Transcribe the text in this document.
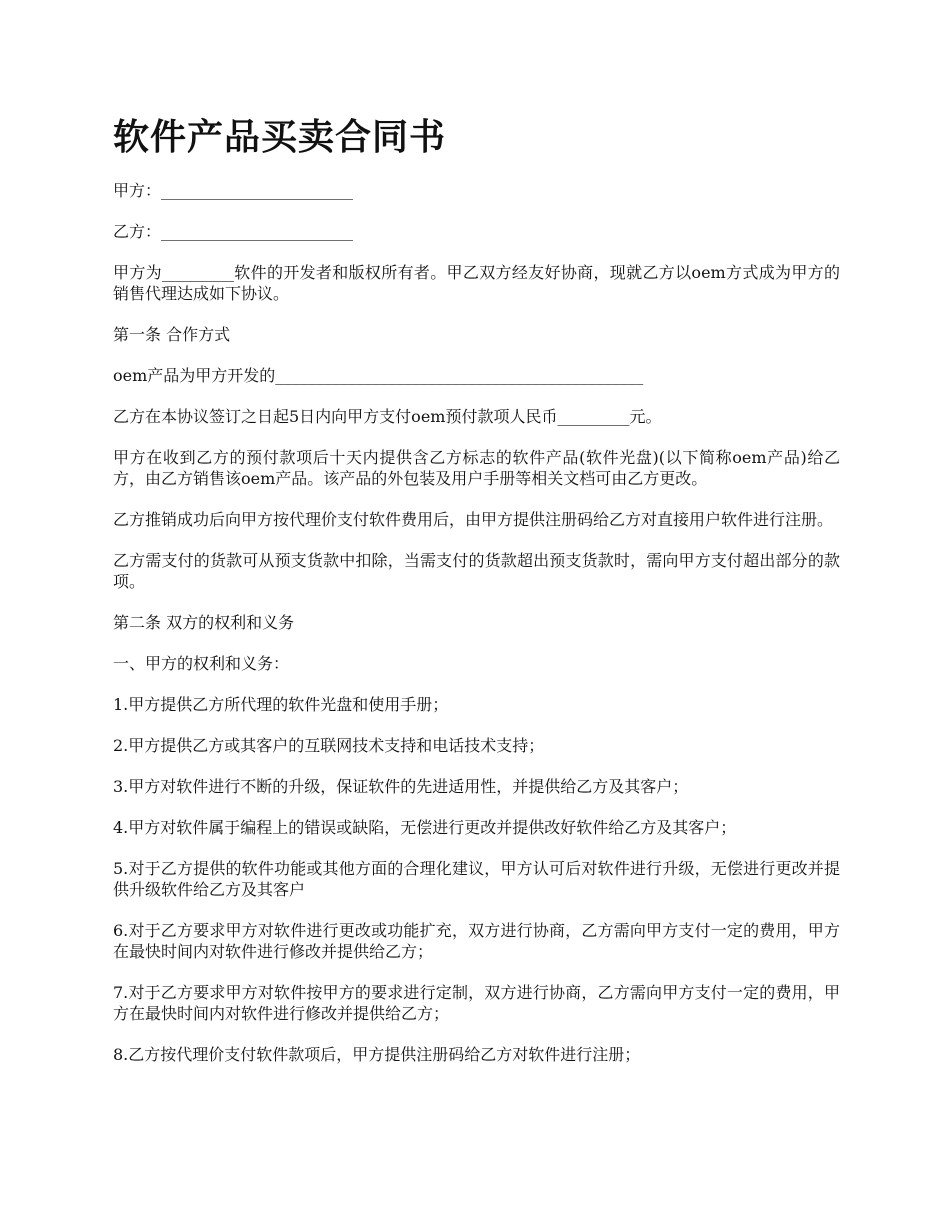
软件产品买卖合同书

甲方：________________________

乙方：________________________

甲方为_________软件的开发者和版权所有者。甲乙双方经友好协商，现就乙方以oem方式成为甲方的销售代理达成如下协议。

第一条 合作方式

oem产品为甲方开发的______________________________________________

乙方在本协议签订之日起5日内向甲方支付oem预付款项人民币_________元。

甲方在收到乙方的预付款项后十天内提供含乙方标志的软件产品(软件光盘)(以下简称oem产品)给乙方，由乙方销售该oem产品。该产品的外包装及用户手册等相关文档可由乙方更改。

乙方推销成功后向甲方按代理价支付软件费用后，由甲方提供注册码给乙方对直接用户软件进行注册。

乙方需支付的货款可从预支货款中扣除，当需支付的货款超出预支货款时，需向甲方支付超出部分的款项。

第二条 双方的权利和义务

一、甲方的权利和义务：

1.甲方提供乙方所代理的软件光盘和使用手册；

2.甲方提供乙方或其客户的互联网技术支持和电话技术支持；

3.甲方对软件进行不断的升级，保证软件的先进适用性，并提供给乙方及其客户；

4.甲方对软件属于编程上的错误或缺陷，无偿进行更改并提供改好软件给乙方及其客户；

5.对于乙方提供的软件功能或其他方面的合理化建议，甲方认可后对软件进行升级，无偿进行更改并提供升级软件给乙方及其客户

6.对于乙方要求甲方对软件进行更改或功能扩充，双方进行协商，乙方需向甲方支付一定的费用，甲方在最快时间内对软件进行修改并提供给乙方；

7.对于乙方要求甲方对软件按甲方的要求进行定制，双方进行协商，乙方需向甲方支付一定的费用，甲方在最快时间内对软件进行修改并提供给乙方；

8.乙方按代理价支付软件款项后，甲方提供注册码给乙方对软件进行注册；
